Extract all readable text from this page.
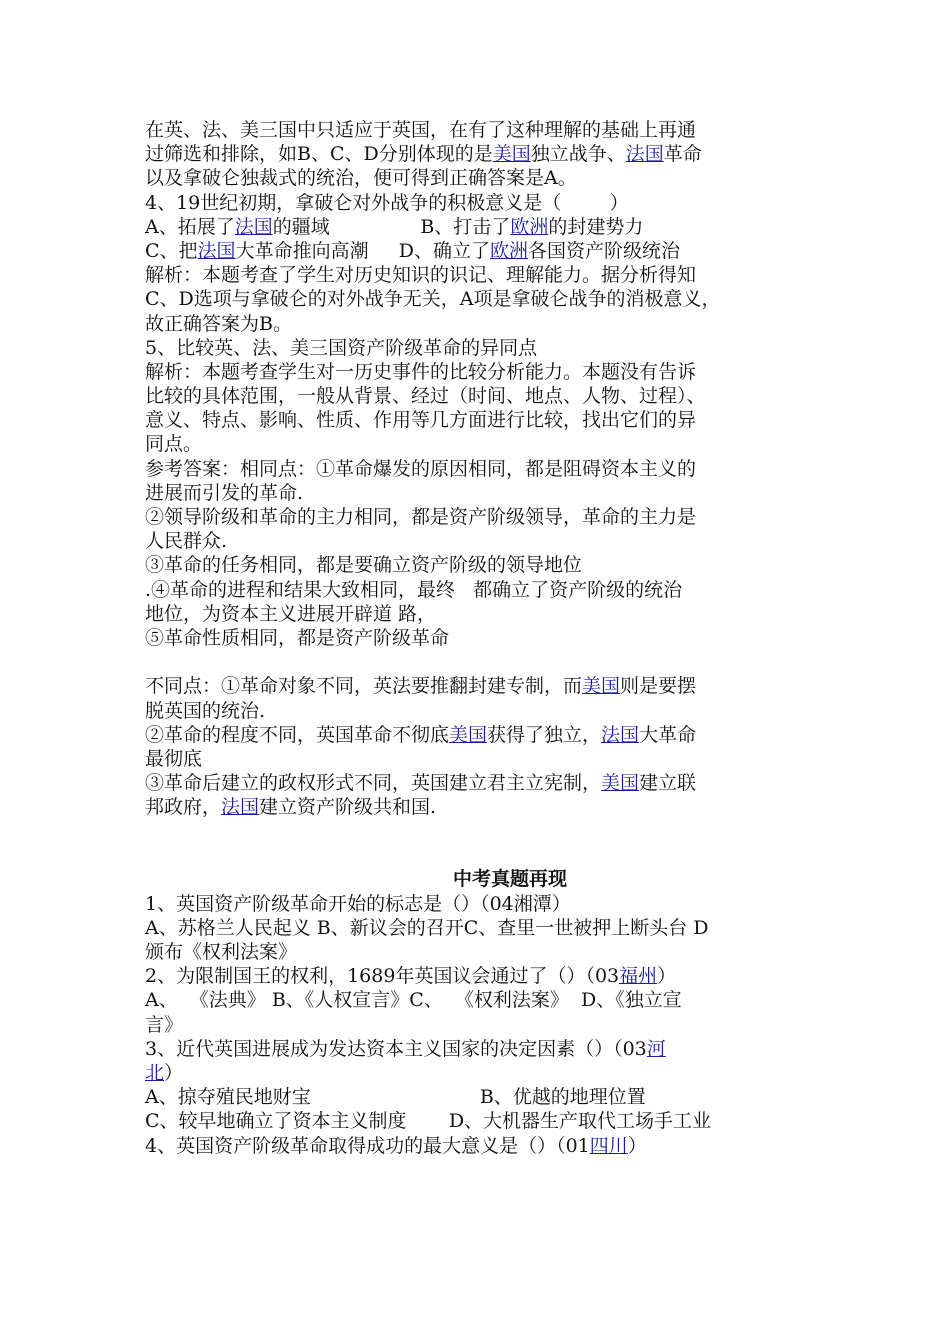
在英、法、美三国中只适应于英国，在有了这种理解的基础上再通
过筛选和排除，如B、C、D分别体现的是美国独立战争、法国革命
以及拿破仑独裁式的统治，便可得到正确答案是A。
4、19世纪初期，拿破仑对外战争的积极意义是（        ）
A、拓展了法国的疆域               B、打击了欧洲的封建势力
C、把法国大革命推向高潮     D、确立了欧洲各国资产阶级统治
解析：本题考查了学生对历史知识的识记、理解能力。据分析得知
C、D选项与拿破仑的对外战争无关，A项是拿破仑战争的消极意义，
故正确答案为B。
5、比较英、法、美三国资产阶级革命的异同点
解析：本题考查学生对一历史事件的比较分析能力。本题没有告诉
比较的具体范围，一般从背景、经过（时间、地点、人物、过程）、
意义、特点、影响、性质、作用等几方面进行比较，找出它们的异
同点。
参考答案：相同点：①革命爆发的原因相同，都是阻碍资本主义的
进展而引发的革命.
②领导阶级和革命的主力相同，都是资产阶级领导，革命的主力是
人民群众.
③革命的任务相同，都是要确立资产阶级的领导地位
.④革命的进程和结果大致相同，最终   都确立了资产阶级的统治
地位，为资本主义进展开辟道 路，
⑤革命性质相同，都是资产阶级革命
不同点：①革命对象不同，英法要推翻封建专制，而美国则是要摆
脱英国的统治.
②革命的程度不同，英国革命不彻底美国获得了独立，法国大革命
最彻底
③革命后建立的政权形式不同，英国建立君主立宪制，美国建立联
邦政府，法国建立资产阶级共和国.
中考真题再现
1、英国资产阶级革命开始的标志是（）（04湘潭）
A、苏格兰人民起义 B、新议会的召开C、查里一世被押上断头台 D
颁布《权利法案》
2、为限制国王的权利，1689年英国议会通过了（）（03福州）
A、  《法典》 B、《人权宣言》C、  《权利法案》  D、《独立宣
言》
3、近代英国进展成为发达资本主义国家的决定因素（）（03河
北）
A、掠夺殖民地财宝                            B、优越的地理位置
C、较早地确立了资本主义制度       D、大机器生产取代工场手工业
4、英国资产阶级革命取得成功的最大意义是（）（01四川）
